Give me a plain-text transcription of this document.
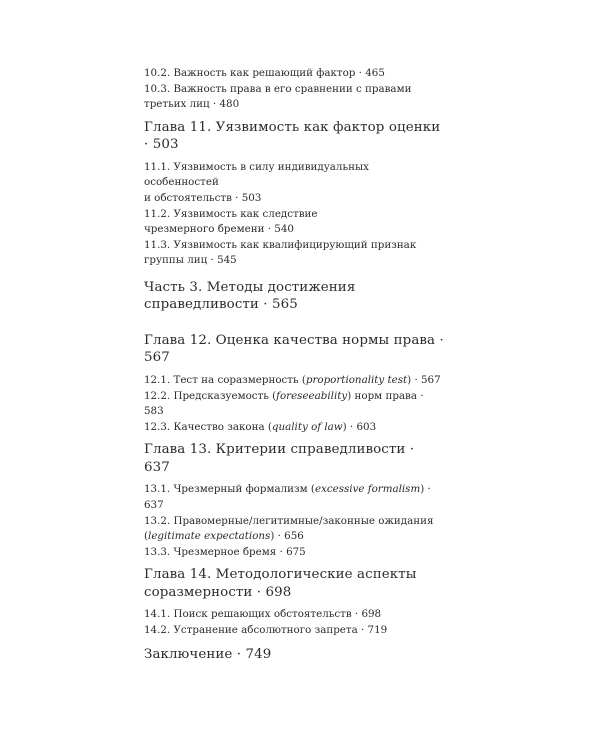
10.2. Важность как решающий фактор · 465

10.3. Важность права в его сравнении с правами

третьих лиц · 480

Глава 11. Уязвимость как фактор оценки · 503

11.1. Уязвимость в силу индивидуальных особенностей

и обстоятельств · 503

11.2. Уязвимость как следствие

чрезмерного бремени · 540

11.3. Уязвимость как квалифицирующий признак

группы лиц · 545

Часть 3. Методы достижения

справедливости · 565

Глава 12. Оценка качества нормы права · 567

12.1. Тест на соразмерность (proportionality test) · 567

12.2. Предсказуемость (foreseeability) норм права · 583

12.3. Качество закона (quality of law) · 603

Глава 13. Критерии справедливости · 637

13.1. Чрезмерный формализм (excessive formalism) · 637

13.2. Правомерные/легитимные/законные ожидания

(legitimate expectations) · 656

13.3. Чрезмерное бремя · 675

Глава 14. Методологические аспекты

соразмерности · 698

14.1. Поиск решающих обстоятельств · 698

14.2. Устранение абсолютного запрета · 719

Заключение · 749
